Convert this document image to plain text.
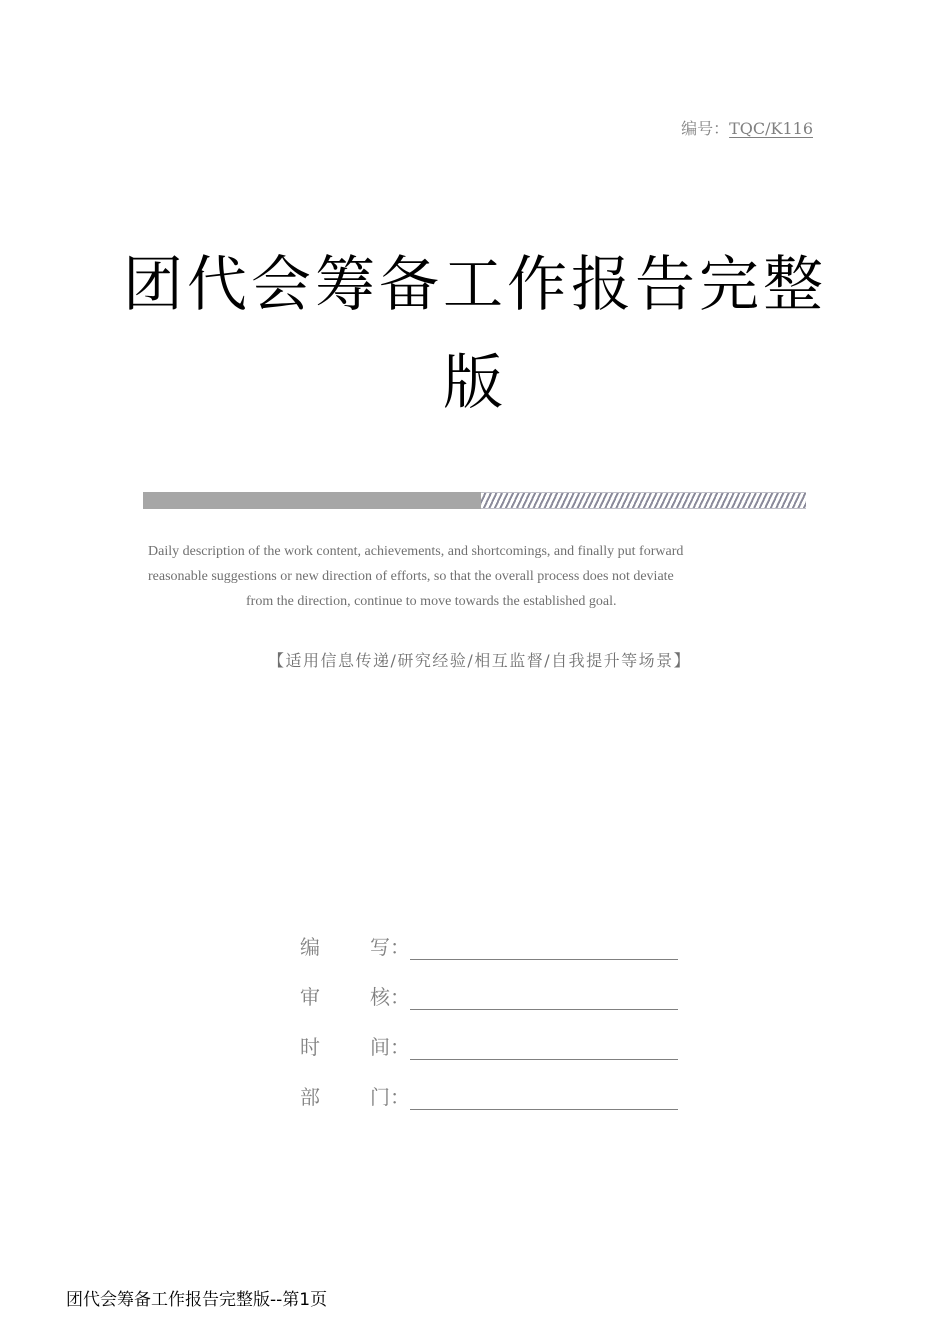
编号：TQC/K116
团代会筹备工作报告完整
版
Daily description of the work content, achievements, and shortcomings, and finally put forward
reasonable suggestions or new direction of efforts, so that the overall process does not deviate
from the direction, continue to move towards the established goal.
【适用信息传递/研究经验/相互监督/自我提升等场景】
编	写 ：
审	核 ：
时	间 ：
部	门 ：
团代会筹备工作报告完整版--第1页
